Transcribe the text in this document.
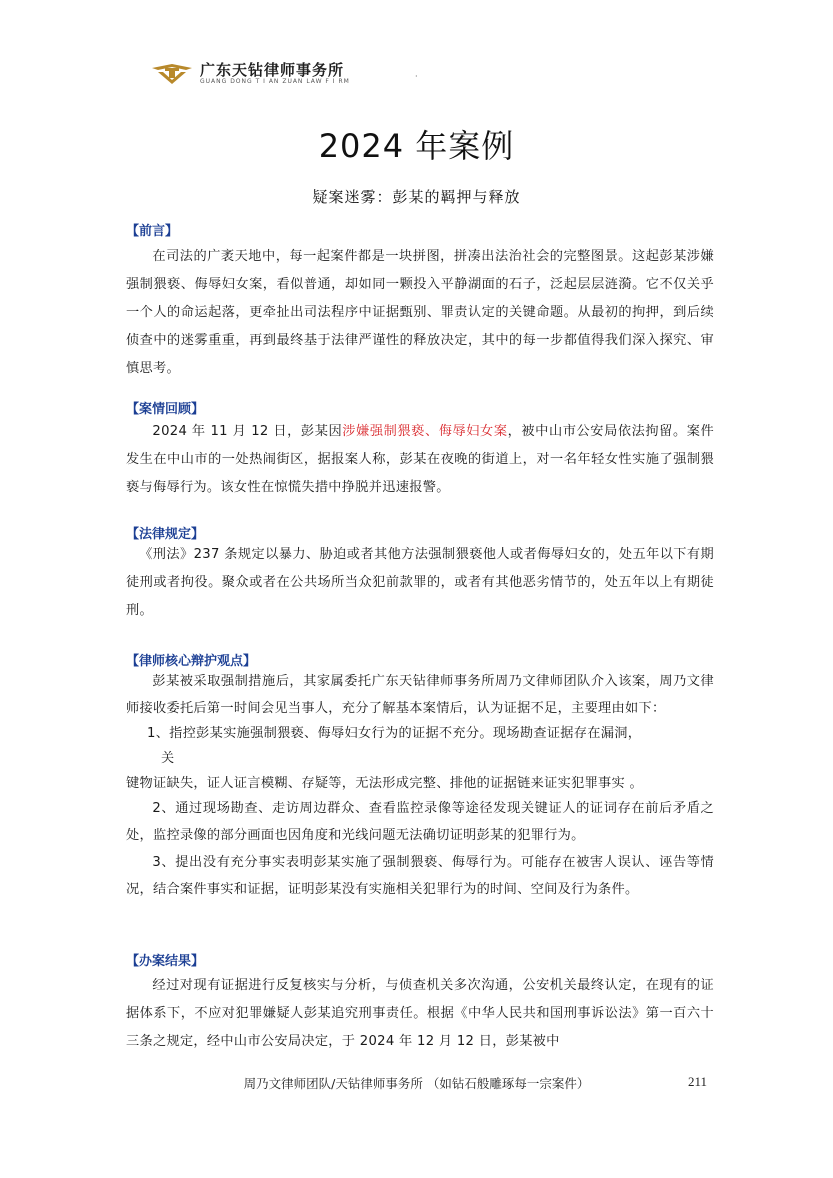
广东天钻律师事务所
GUANG DONG T I AN ZUAN LAW F I RM
·
2024 年案例
疑案迷雾：彭某的羁押与释放
【前言】
在司法的广袤天地中，每一起案件都是一块拼图，拼凑出法治社会的完整图景。这起彭某涉嫌强制猥亵、侮辱妇女案，看似普通，却如同一颗投入平静湖面的石子，泛起层层涟漪。它不仅关乎一个人的命运起落，更牵扯出司法程序中证据甄别、罪责认定的关键命题。从最初的拘押，到后续侦查中的迷雾重重，再到最终基于法律严谨性的释放决定，其中的每一步都值得我们深入探究、审慎思考。
【案情回顾】
2024 年 11 月 12 日，彭某因涉嫌强制猥亵、侮辱妇女案，被中山市公安局依法拘留。案件发生在中山市的一处热闹街区，据报案人称，彭某在夜晚的街道上，对一名年轻女性实施了强制猥亵与侮辱行为。该女性在惊慌失措中挣脱并迅速报警。
【法律规定】
《刑法》237 条规定以暴力、胁迫或者其他方法强制猥亵他人或者侮辱妇女的，处五年以下有期徒刑或者拘役。聚众或者在公共场所当众犯前款罪的，或者有其他恶劣情节的，处五年以上有期徒刑。
【律师核心辩护观点】
彭某被采取强制措施后，其家属委托广东天钻律师事务所周乃文律师团队介入该案，周乃文律师接收委托后第一时间会见当事人，充分了解基本案情后，认为证据不足，主要理由如下：
1、指控彭某实施强制猥亵、侮辱妇女行为的证据不充分。现场勘查证据存在漏洞，
关
键物证缺失，证人证言模糊、存疑等，无法形成完整、排他的证据链来证实犯罪事实 。
2、通过现场勘查、走访周边群众、查看监控录像等途径发现关键证人的证词存在前后矛盾之处，监控录像的部分画面也因角度和光线问题无法确切证明彭某的犯罪行为。
3、提出没有充分事实表明彭某实施了强制猥亵、侮辱行为。可能存在被害人误认、诬告等情况，结合案件事实和证据，证明彭某没有实施相关犯罪行为的时间、空间及行为条件。
【办案结果】
经过对现有证据进行反复核实与分析，与侦查机关多次沟通，公安机关最终认定，在现有的证据体系下，不应对犯罪嫌疑人彭某追究刑事责任。根据《中华人民共和国刑事诉讼法》第一百六十三条之规定，经中山市公安局决定，于 2024 年 12 月 12 日，彭某被中
周乃文律师团队/天钻律师事务所 （如钻石般雕琢每一宗案件）	211
